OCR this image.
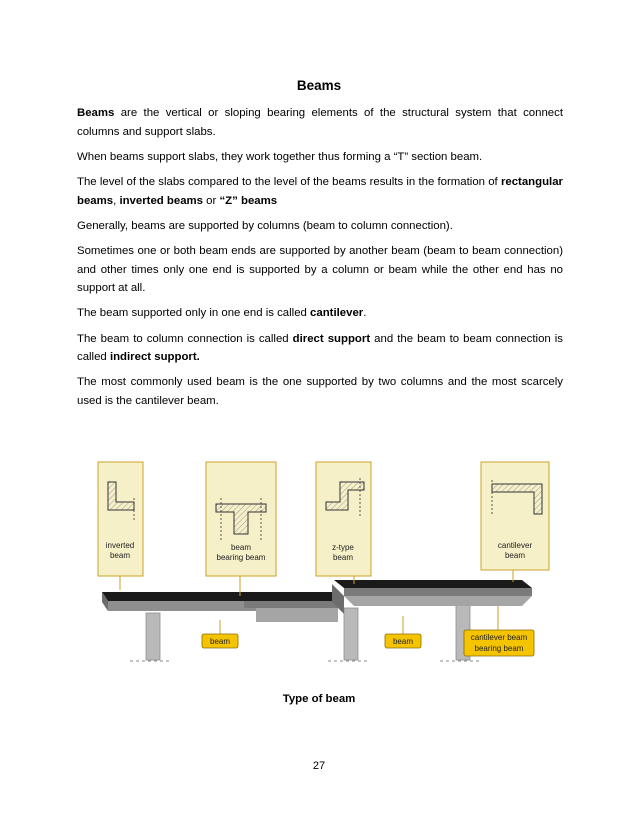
Beams

Beams are the vertical or sloping bearing elements of the structural system that connect columns and support slabs.

When beams support slabs, they work together thus forming a “T” section beam.

The level of the slabs compared to the level of the beams results in the formation of rectangular beams, inverted beams or “Z” beams

Generally, beams are supported by columns (beam to column connection).

Sometimes one or both beam ends are supported by another beam (beam to beam connection) and other times only one end is supported by a column or beam while the other end has no support at all.

The beam supported only in one end is called cantilever.

The beam to column connection is called direct support and the beam to beam connection is called indirect support.

The most commonly used beam is the one supported by two columns and the most scarcely used is the cantilever beam.

inverted
beam
beam
bearing beam
z-type
beam
cantilever
beam
beam	beam	cantilever beam
bearing beam
Type of beam
27
